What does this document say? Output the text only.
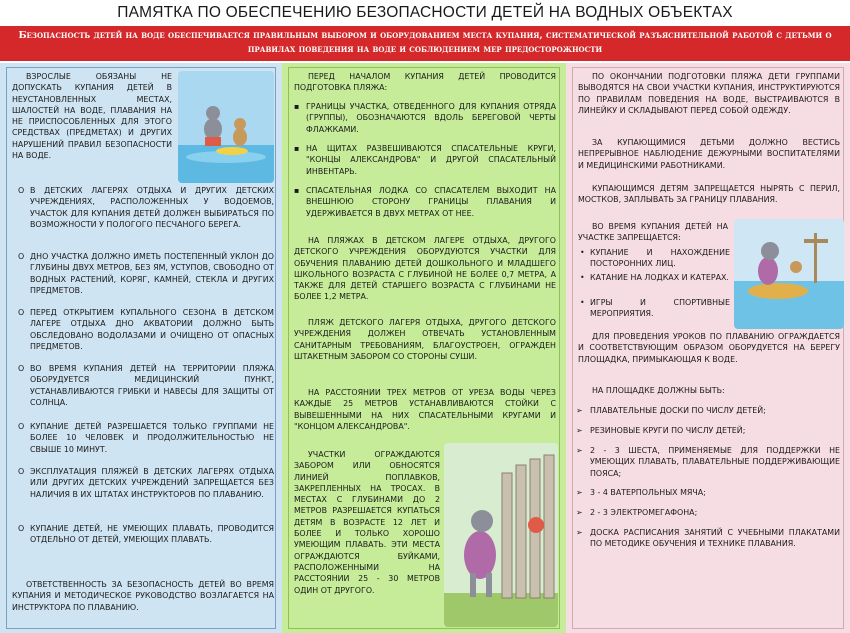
ПАМЯТКА ПО ОБЕСПЕЧЕНИЮ БЕЗОПАСНОСТИ ДЕТЕЙ НА ВОДНЫХ ОБЪЕКТАХ
Безопасность детей на воде обеспечивается правильным выбором и оборудованием места купания, систематической разъяснительной работой с детьми о правилах поведения на воде и соблюдением мер предосторожности
ВЗРОСЛЫЕ ОБЯЗАНЫ НЕ ДОПУСКАТЬ КУПАНИЯ ДЕТЕЙ В НЕУСТАНОВЛЕННЫХ МЕСТАХ, ШАЛОСТЕЙ НА ВОДЕ, ПЛАВАНИЯ НА НЕ ПРИСПОСОБЛЕННЫХ ДЛЯ ЭТОГО СРЕДСТВАХ (ПРЕДМЕТАХ) И ДРУГИХ НАРУШЕНИЙ ПРАВИЛ БЕЗОПАСНОСТИ НА ВОДЕ.
O В ДЕТСКИХ ЛАГЕРЯХ ОТДЫХА И ДРУГИХ ДЕТСКИХ УЧРЕЖДЕНИЯХ, РАСПОЛОЖЕННЫХ У ВОДОЕМОВ, УЧАСТОК ДЛЯ КУПАНИЯ ДЕТЕЙ ДОЛЖЕН ВЫБИРАТЬСЯ ПО ВОЗМОЖНОСТИ У ПОЛОГОГО ПЕСЧАНОГО БЕРЕГА.
O ДНО УЧАСТКА ДОЛЖНО ИМЕТЬ ПОСТЕПЕННЫЙ УКЛОН ДО ГЛУБИНЫ ДВУХ МЕТРОВ, БЕЗ ЯМ, УСТУПОВ, СВОБОДНО ОТ ВОДНЫХ РАСТЕНИЙ, КОРЯГ, КАМНЕЙ, СТЕКЛА И ДРУГИХ ПРЕДМЕТОВ.
O ПЕРЕД ОТКРЫТИЕМ КУПАЛЬНОГО СЕЗОНА В ДЕТСКОМ ЛАГЕРЕ ОТДЫХА ДНО АКВАТОРИИ ДОЛЖНО БЫТЬ ОБСЛЕДОВАНО ВОДОЛАЗАМИ И ОЧИЩЕНО ОТ ОПАСНЫХ ПРЕДМЕТОВ.
O ВО ВРЕМЯ КУПАНИЯ ДЕТЕЙ НА ТЕРРИТОРИИ ПЛЯЖА ОБОРУДУЕТСЯ МЕДИЦИНСКИЙ ПУНКТ, УСТАНАВЛИВАЮТСЯ ГРИБКИ И НАВЕСЫ ДЛЯ ЗАЩИТЫ ОТ СОЛНЦА.
O КУПАНИЕ ДЕТЕЙ РАЗРЕШАЕТСЯ ТОЛЬКО ГРУППАМИ НЕ БОЛЕЕ 10 ЧЕЛОВЕК И ПРОДОЛЖИТЕЛЬНОСТЬЮ НЕ СВЫШЕ 10 МИНУТ.
O ЭКСПЛУАТАЦИЯ ПЛЯЖЕЙ В ДЕТСКИХ ЛАГЕРЯХ ОТДЫХА ИЛИ ДРУГИХ ДЕТСКИХ УЧРЕЖДЕНИЙ ЗАПРЕЩАЕТСЯ БЕЗ НАЛИЧИЯ В ИХ ШТАТАХ ИНСТРУКТОРОВ ПО ПЛАВАНИЮ.
O КУПАНИЕ ДЕТЕЙ, НЕ УМЕЮЩИХ ПЛАВАТЬ, ПРОВОДИТСЯ ОТДЕЛЬНО ОТ ДЕТЕЙ, УМЕЮЩИХ ПЛАВАТЬ.
ОТВЕТСТВЕННОСТЬ ЗА БЕЗОПАСНОСТЬ ДЕТЕЙ ВО ВРЕМЯ КУПАНИЯ И МЕТОДИЧЕСКОЕ РУКОВОДСТВО ВОЗЛАГАЕТСЯ НА ИНСТРУКТОРА ПО ПЛАВАНИЮ.
ПЕРЕД НАЧАЛОМ КУПАНИЯ ДЕТЕЙ ПРОВОДИТСЯ ПОДГОТОВКА ПЛЯЖА:
▪ ГРАНИЦЫ УЧАСТКА, ОТВЕДЕННОГО ДЛЯ КУПАНИЯ ОТРЯДА (ГРУППЫ), ОБОЗНАЧАЮТСЯ ВДОЛЬ БЕРЕГОВОЙ ЧЕРТЫ ФЛАЖКАМИ.
▪ НА ЩИТАХ РАЗВЕШИВАЮТСЯ СПАСАТЕЛЬНЫЕ КРУГИ, "КОНЦЫ АЛЕКСАНДРОВА" И ДРУГОЙ СПАСАТЕЛЬНЫЙ ИНВЕНТАРЬ.
▪ СПАСАТЕЛЬНАЯ ЛОДКА СО СПАСАТЕЛЕМ ВЫХОДИТ НА ВНЕШНЮЮ СТОРОНУ ГРАНИЦЫ ПЛАВАНИЯ И УДЕРЖИВАЕТСЯ В ДВУХ МЕТРАХ ОТ НЕЕ.
НА ПЛЯЖАХ В ДЕТСКОМ ЛАГЕРЕ ОТДЫХА, ДРУГОГО ДЕТСКОГО УЧРЕЖДЕНИЯ ОБОРУДУЮТСЯ УЧАСТКИ ДЛЯ ОБУЧЕНИЯ ПЛАВАНИЮ ДЕТЕЙ ДОШКОЛЬНОГО И МЛАДШЕГО ШКОЛЬНОГО ВОЗРАСТА С ГЛУБИНОЙ НЕ БОЛЕЕ 0,7 МЕТРА, А ТАКЖЕ ДЛЯ ДЕТЕЙ СТАРШЕГО ВОЗРАСТА С ГЛУБИНАМИ НЕ БОЛЕЕ 1,2 МЕТРА.
ПЛЯЖ ДЕТСКОГО ЛАГЕРЯ ОТДЫХА, ДРУГОГО ДЕТСКОГО УЧРЕЖДЕНИЯ ДОЛЖЕН ОТВЕЧАТЬ УСТАНОВЛЕННЫМ САНИТАРНЫМ ТРЕБОВАНИЯМ, БЛАГОУСТРОЕН, ОГРАЖДЕН ШТАКЕТНЫМ ЗАБОРОМ СО СТОРОНЫ СУШИ.
НА РАССТОЯНИИ ТРЕХ МЕТРОВ ОТ УРЕЗА ВОДЫ ЧЕРЕЗ КАЖДЫЕ 25 МЕТРОВ УСТАНАВЛИВАЮТСЯ СТОЙКИ С ВЫВЕШЕННЫМИ НА НИХ СПАСАТЕЛЬНЫМИ КРУГАМИ И "КОНЦОМ АЛЕКСАНДРОВА".
УЧАСТКИ ОГРАЖДАЮТСЯ ЗАБОРОМ ИЛИ ОБНОСЯТСЯ ЛИНИЕЙ ПОПЛАВКОВ, ЗАКРЕПЛЕННЫХ НА ТРОСАХ. В МЕСТАХ С ГЛУБИНАМИ ДО 2 МЕТРОВ РАЗРЕШАЕТСЯ КУПАТЬСЯ ДЕТЯМ В ВОЗРАСТЕ 12 ЛЕТ И БОЛЕЕ И ТОЛЬКО ХОРОШО УМЕЮЩИМ ПЛАВАТЬ. ЭТИ МЕСТА ОГРАЖДАЮТСЯ БУЙКАМИ, РАСПОЛОЖЕННЫМИ НА РАССТОЯНИИ 25 - 30 МЕТРОВ ОДИН ОТ ДРУГОГО.
ПО ОКОНЧАНИИ ПОДГОТОВКИ ПЛЯЖА ДЕТИ ГРУППАМИ ВЫВОДЯТСЯ НА СВОИ УЧАСТКИ КУПАНИЯ, ИНСТРУКТИРУЮТСЯ ПО ПРАВИЛАМ ПОВЕДЕНИЯ НА ВОДЕ, ВЫСТРАИВАЮТСЯ В ЛИНЕЙКУ И СКЛАДЫВАЮТ ПЕРЕД СОБОЙ ОДЕЖДУ.
ЗА КУПАЮЩИМИСЯ ДЕТЬМИ ДОЛЖНО ВЕСТИСЬ НЕПРЕРЫВНОЕ НАБЛЮДЕНИЕ ДЕЖУРНЫМИ ВОСПИТАТЕЛЯМИ И МЕДИЦИНСКИМИ РАБОТНИКАМИ.
КУПАЮЩИМСЯ ДЕТЯМ ЗАПРЕЩАЕТСЯ НЫРЯТЬ С ПЕРИЛ, МОСТКОВ, ЗАПЛЫВАТЬ ЗА ГРАНИЦУ ПЛАВАНИЯ.
ВО ВРЕМЯ КУПАНИЯ ДЕТЕЙ НА УЧАСТКЕ ЗАПРЕЩАЕТСЯ:
• КУПАНИЕ И НАХОЖДЕНИЕ ПОСТОРОННИХ ЛИЦ.
• КАТАНИЕ НА ЛОДКАХ И КАТЕРАХ.
• ИГРЫ И СПОРТИВНЫЕ МЕРОПРИЯТИЯ.
ДЛЯ ПРОВЕДЕНИЯ УРОКОВ ПО ПЛАВАНИЮ ОГРАЖДАЕТСЯ И СООТВЕТСТВУЮЩИМ ОБРАЗОМ ОБОРУДУЕТСЯ НА БЕРЕГУ ПЛОЩАДКА, ПРИМЫКАЮЩАЯ К ВОДЕ.
НА ПЛОЩАДКЕ ДОЛЖНЫ БЫТЬ:
➢ ПЛАВАТЕЛЬНЫЕ ДОСКИ ПО ЧИСЛУ ДЕТЕЙ;
➢ РЕЗИНОВЫЕ КРУГИ ПО ЧИСЛУ ДЕТЕЙ;
➢ 2 - 3 ШЕСТА, ПРИМЕНЯЕМЫЕ ДЛЯ ПОДДЕРЖКИ НЕ УМЕЮЩИХ ПЛАВАТЬ, ПЛАВАТЕЛЬНЫЕ ПОДДЕРЖИВАЮЩИЕ ПОЯСА;
➢ 3 - 4 ВАТЕРПОЛЬНЫХ МЯЧА;
➢ 2 - 3 ЭЛЕКТРОМЕГАФОНА;
➢ ДОСКА РАСПИСАНИЯ ЗАНЯТИЙ С УЧЕБНЫМИ ПЛАКАТАМИ ПО МЕТОДИКЕ ОБУЧЕНИЯ И ТЕХНИКЕ ПЛАВАНИЯ.
